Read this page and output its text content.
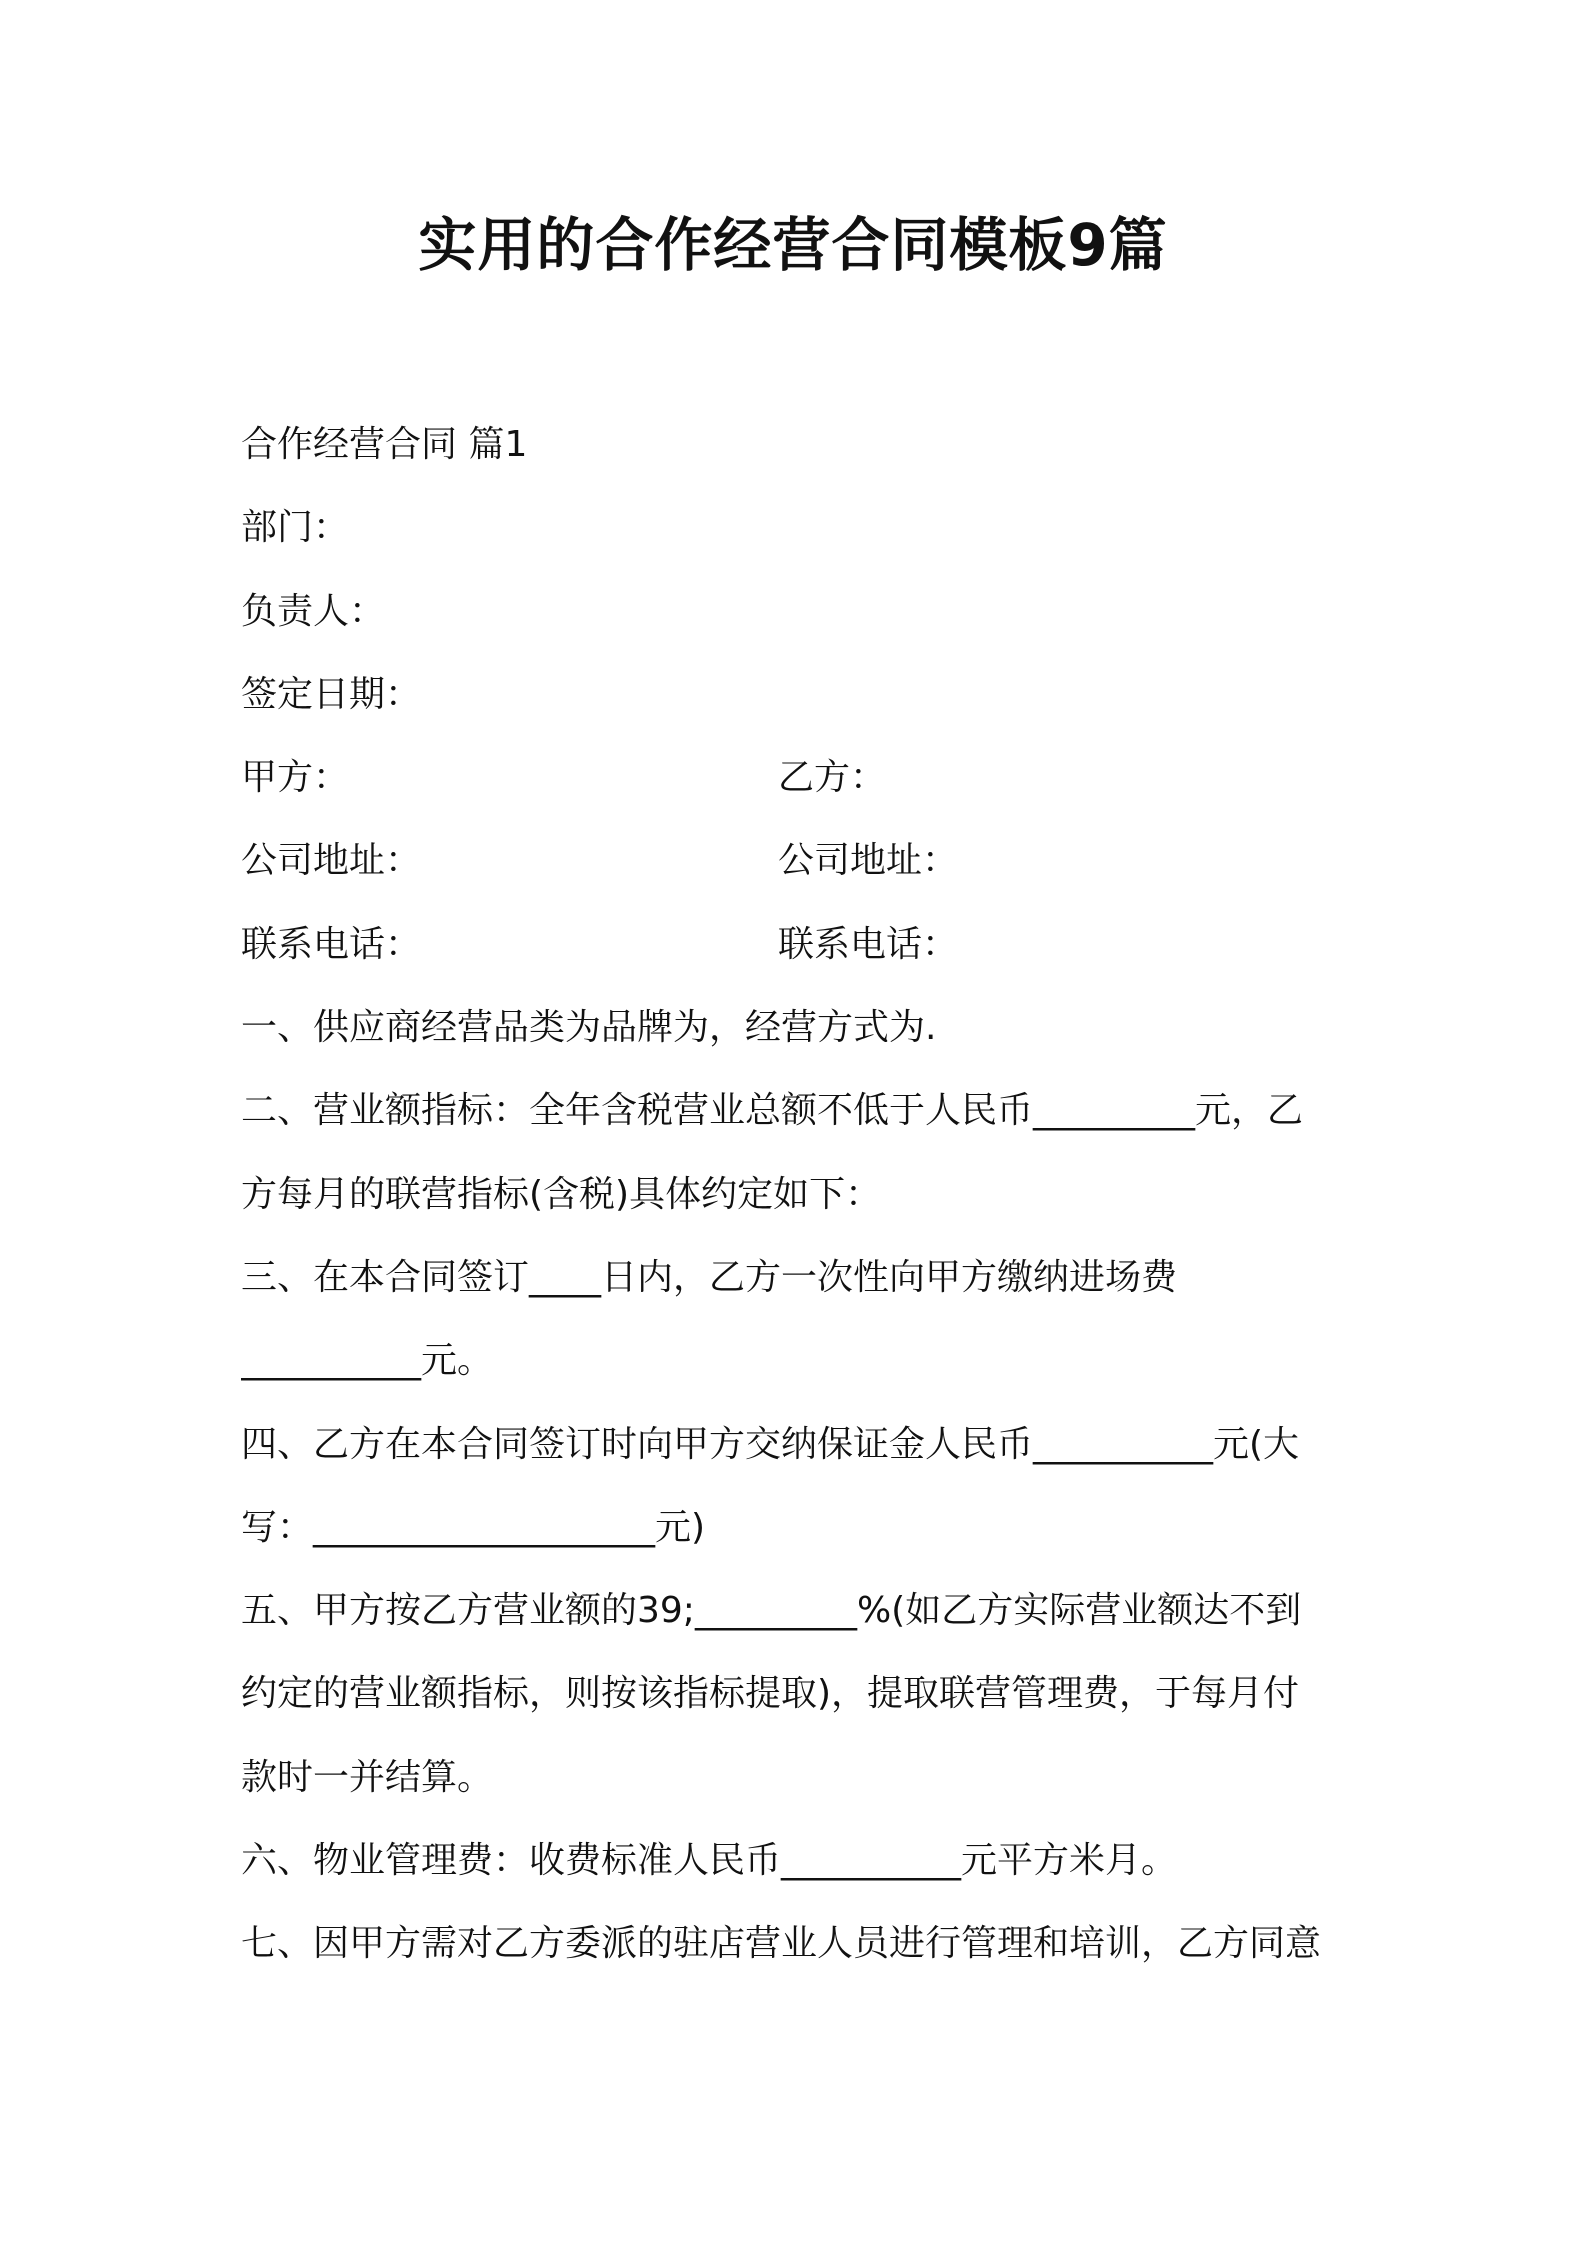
实用的合作经营合同模板9篇
合作经营合同 篇1
部门：
负责人：
签定日期：
甲方：	乙方：
公司地址：	公司地址：
联系电话：	联系电话：
一、供应商经营品类为品牌为，经营方式为.
二、营业额指标：全年含税营业总额不低于人民币_________元，乙
方每月的联营指标(含税)具体约定如下：
三、在本合同签订____日内，乙方一次性向甲方缴纳进场费
__________元。
四、乙方在本合同签订时向甲方交纳保证金人民币__________元(大
写：___________________元)
五、甲方按乙方营业额的39;_________%(如乙方实际营业额达不到
约定的营业额指标，则按该指标提取)，提取联营管理费，于每月付
款时一并结算。
六、物业管理费：收费标准人民币__________元平方米月。
七、因甲方需对乙方委派的驻店营业人员进行管理和培训，乙方同意
